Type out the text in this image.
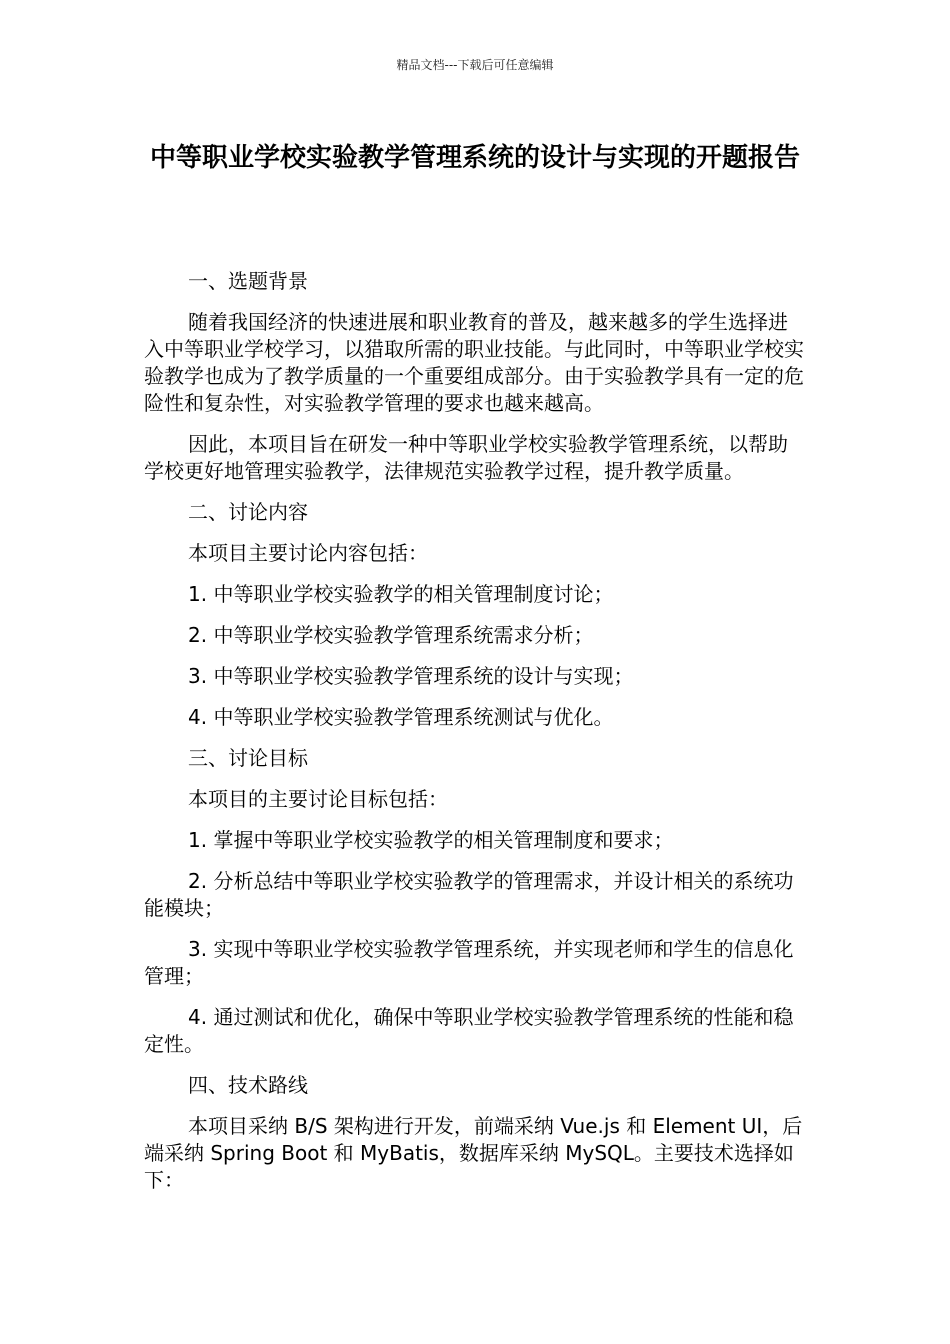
精品文档---下载后可任意编辑
中等职业学校实验教学管理系统的设计与实现的开题报告

一、选题背景

随着我国经济的快速进展和职业教育的普及，越来越多的学生选择进入中等职业学校学习，以猎取所需的职业技能。与此同时，中等职业学校实验教学也成为了教学质量的一个重要组成部分。由于实验教学具有一定的危险性和复杂性，对实验教学管理的要求也越来越高。

因此，本项目旨在研发一种中等职业学校实验教学管理系统，以帮助学校更好地管理实验教学，法律规范实验教学过程，提升教学质量。

二、讨论内容

本项目主要讨论内容包括：

1. 中等职业学校实验教学的相关管理制度讨论；

2. 中等职业学校实验教学管理系统需求分析；

3. 中等职业学校实验教学管理系统的设计与实现；

4. 中等职业学校实验教学管理系统测试与优化。

三、讨论目标

本项目的主要讨论目标包括：

1. 掌握中等职业学校实验教学的相关管理制度和要求；

2. 分析总结中等职业学校实验教学的管理需求，并设计相关的系统功能模块；

3. 实现中等职业学校实验教学管理系统，并实现老师和学生的信息化管理；

4. 通过测试和优化，确保中等职业学校实验教学管理系统的性能和稳定性。

四、技术路线

本项目采纳 B/S 架构进行开发，前端采纳 Vue.js 和 Element UI，后端采纳 Spring Boot 和 MyBatis，数据库采纳 MySQL。主要技术选择如下：
